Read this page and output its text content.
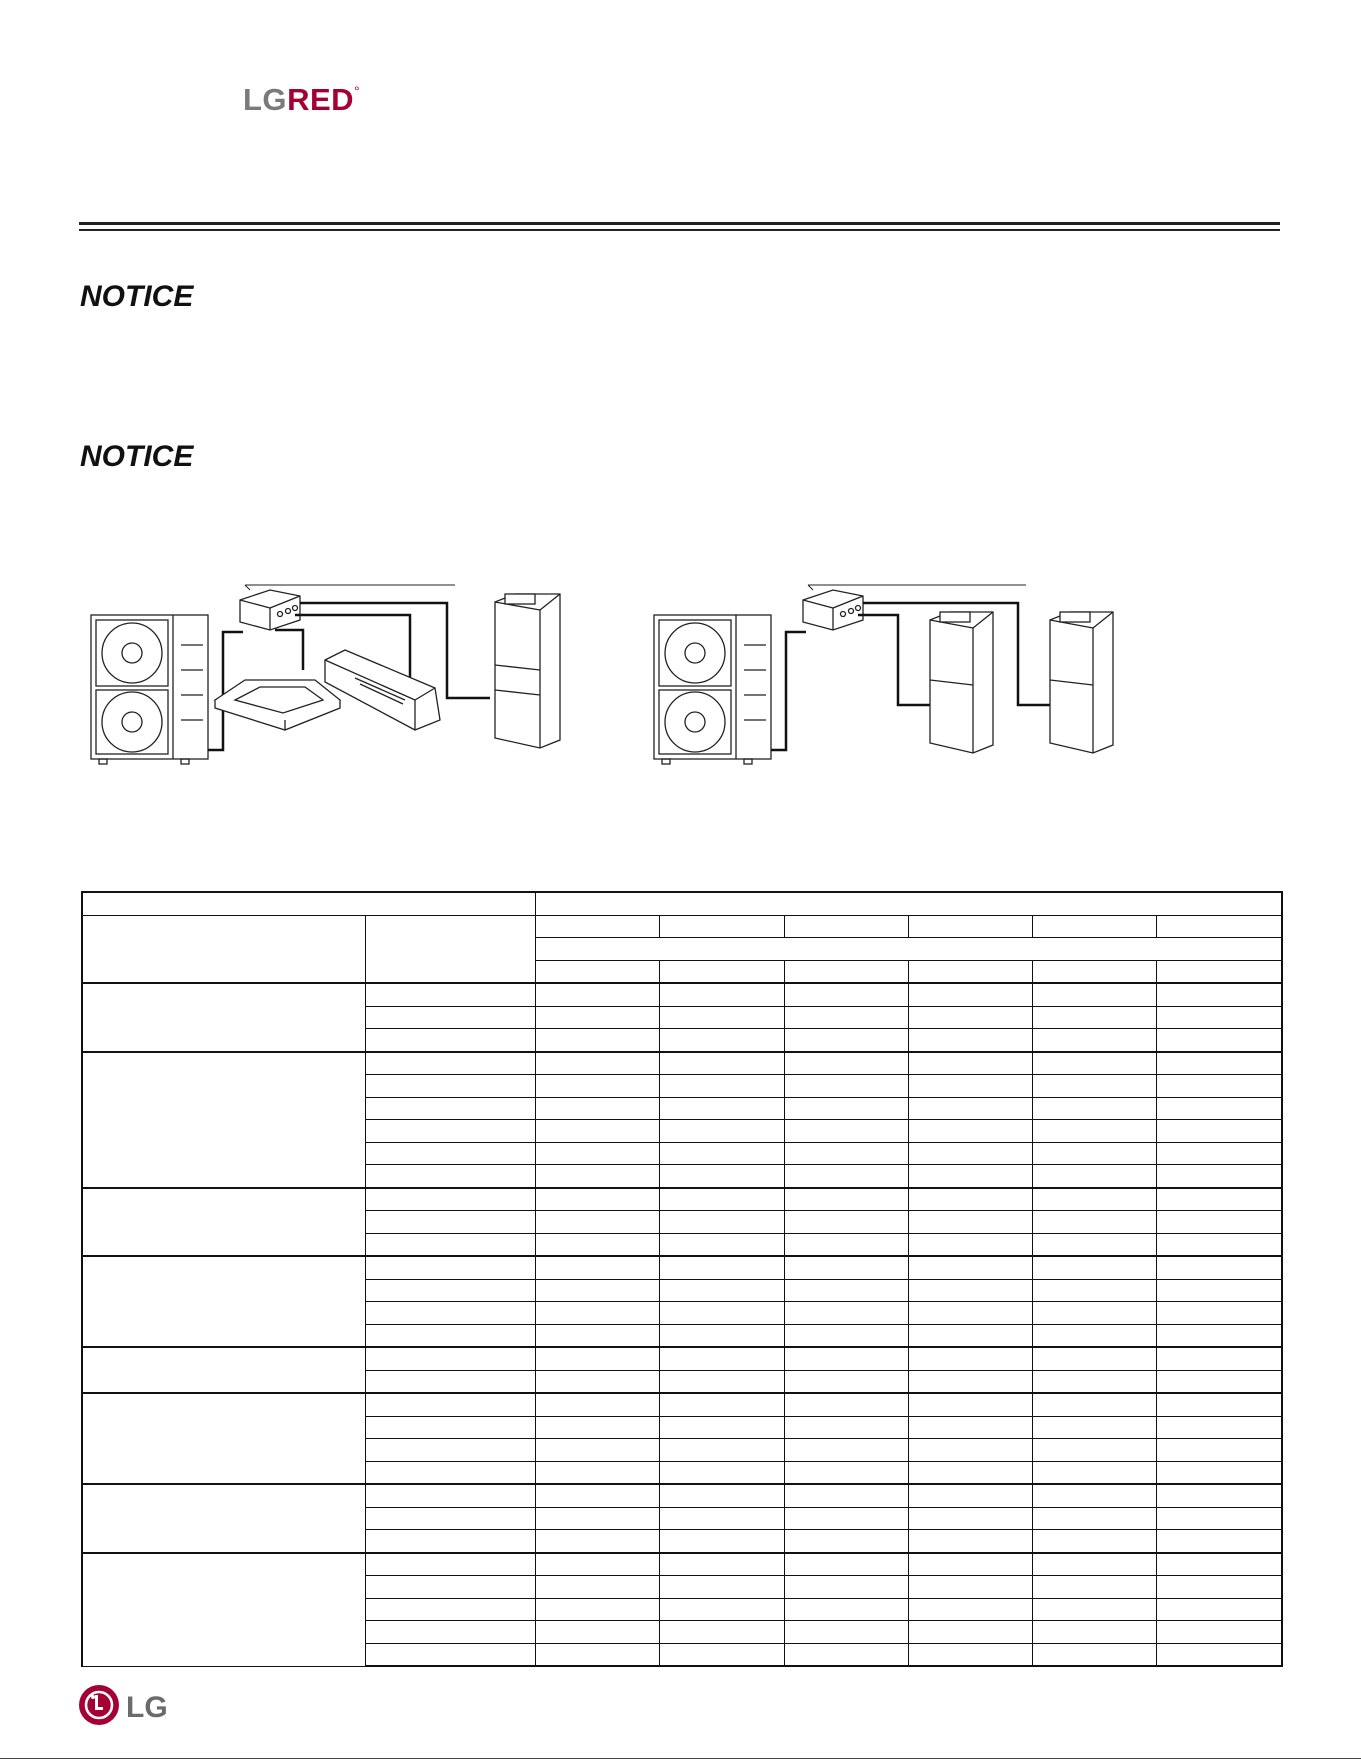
LGRED°
NOTICE
NOTICE

LG
